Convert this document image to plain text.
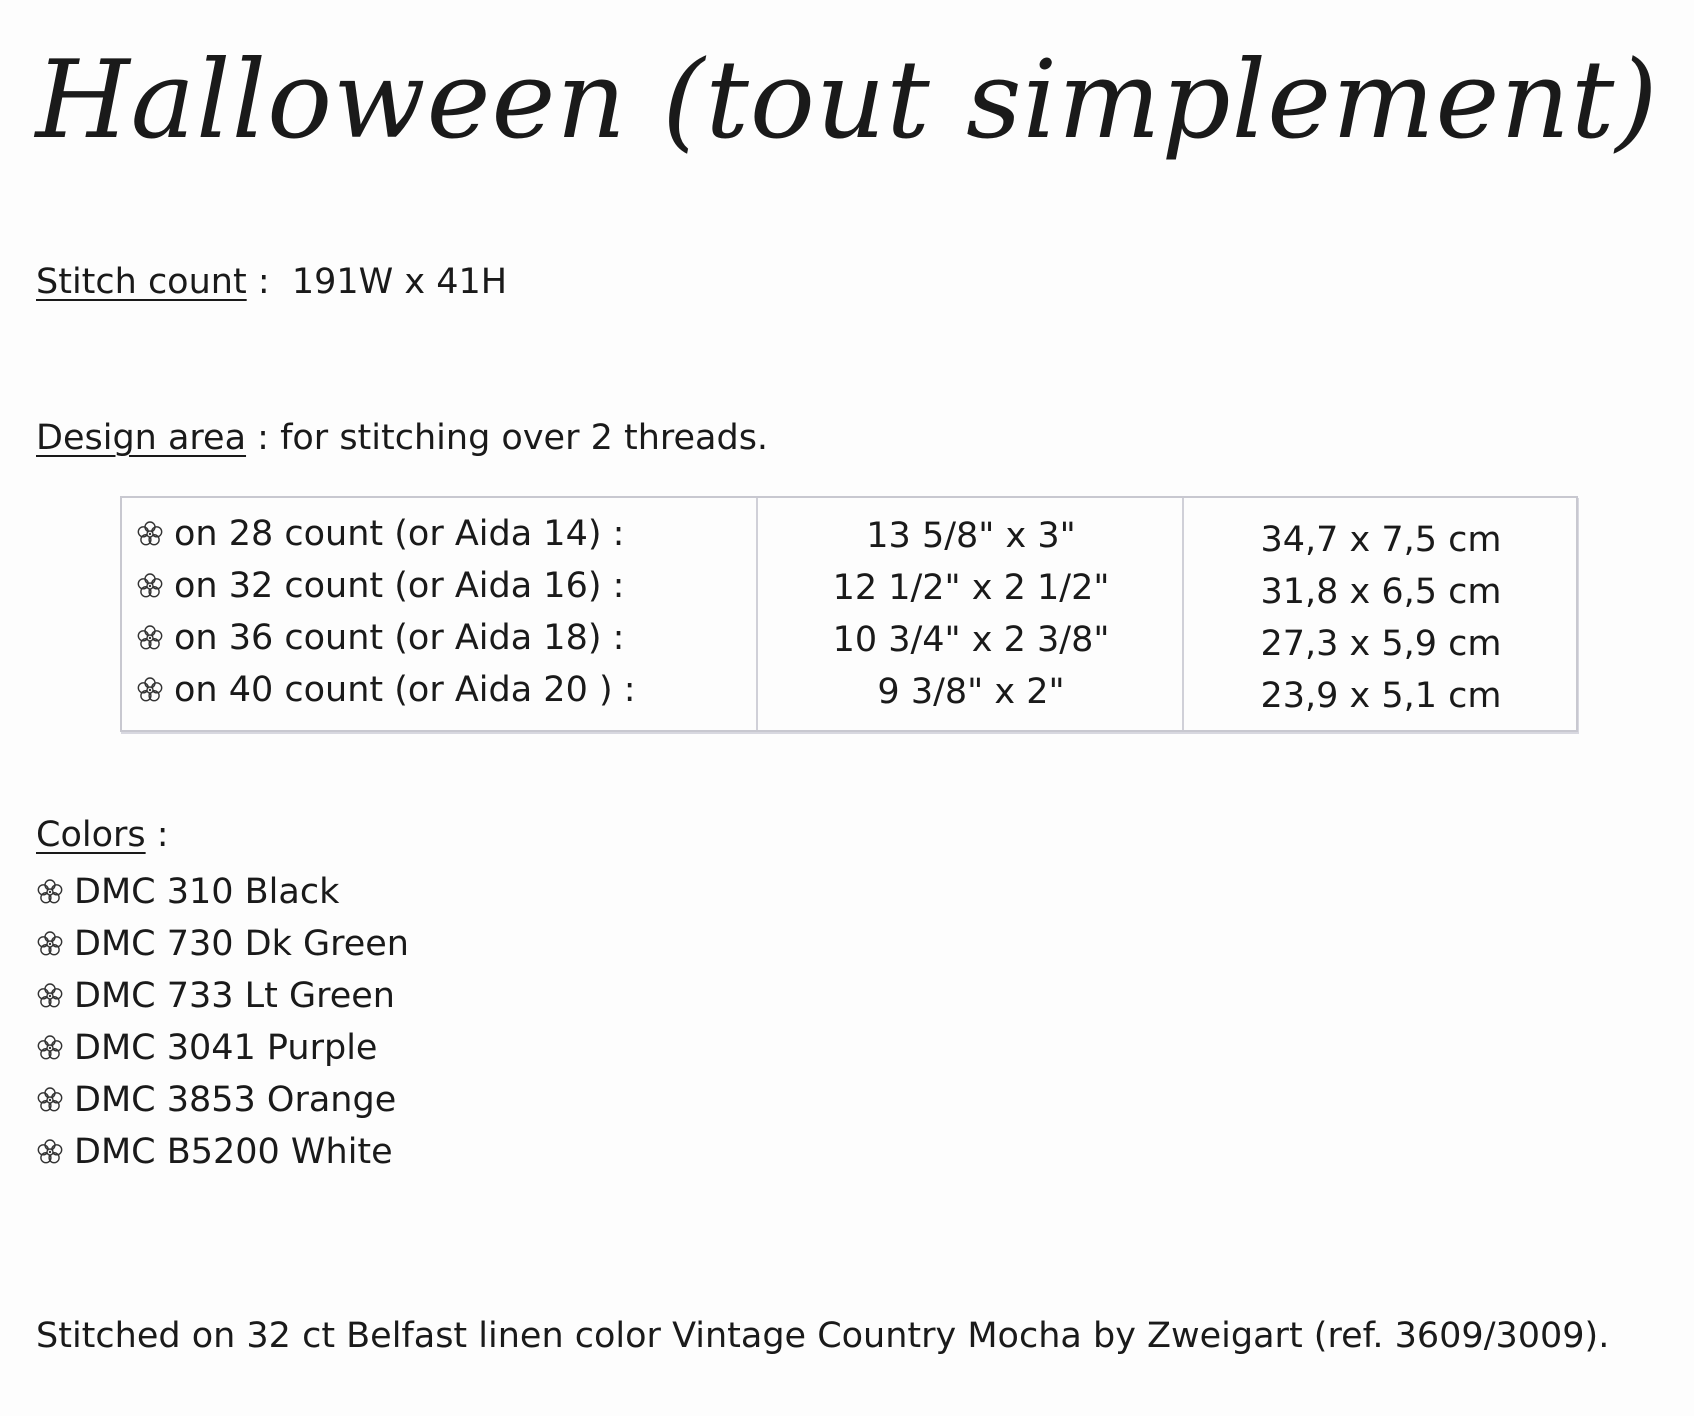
Halloween (tout simplement)
Stitch count :  191W x 41H
Design area : for stitching over 2 threads.
on 28 count (or Aida 14) :	13 5/8" x 3"	34,7 x 7,5 cm
on 32 count (or Aida 16) :	12 1/2" x 2 1/2"	31,8 x 6,5 cm
on 36 count (or Aida 18) :	10 3/4" x 2 3/8"	27,3 x 5,9 cm
on 40 count (or Aida 20 ) :	9 3/8" x 2"	23,9 x 5,1 cm
Colors :
DMC 310 Black
DMC 730 Dk Green
DMC 733 Lt Green
DMC 3041 Purple
DMC 3853 Orange
DMC B5200 White
Stitched on 32 ct Belfast linen color Vintage Country Mocha by Zweigart (ref. 3609/3009).
